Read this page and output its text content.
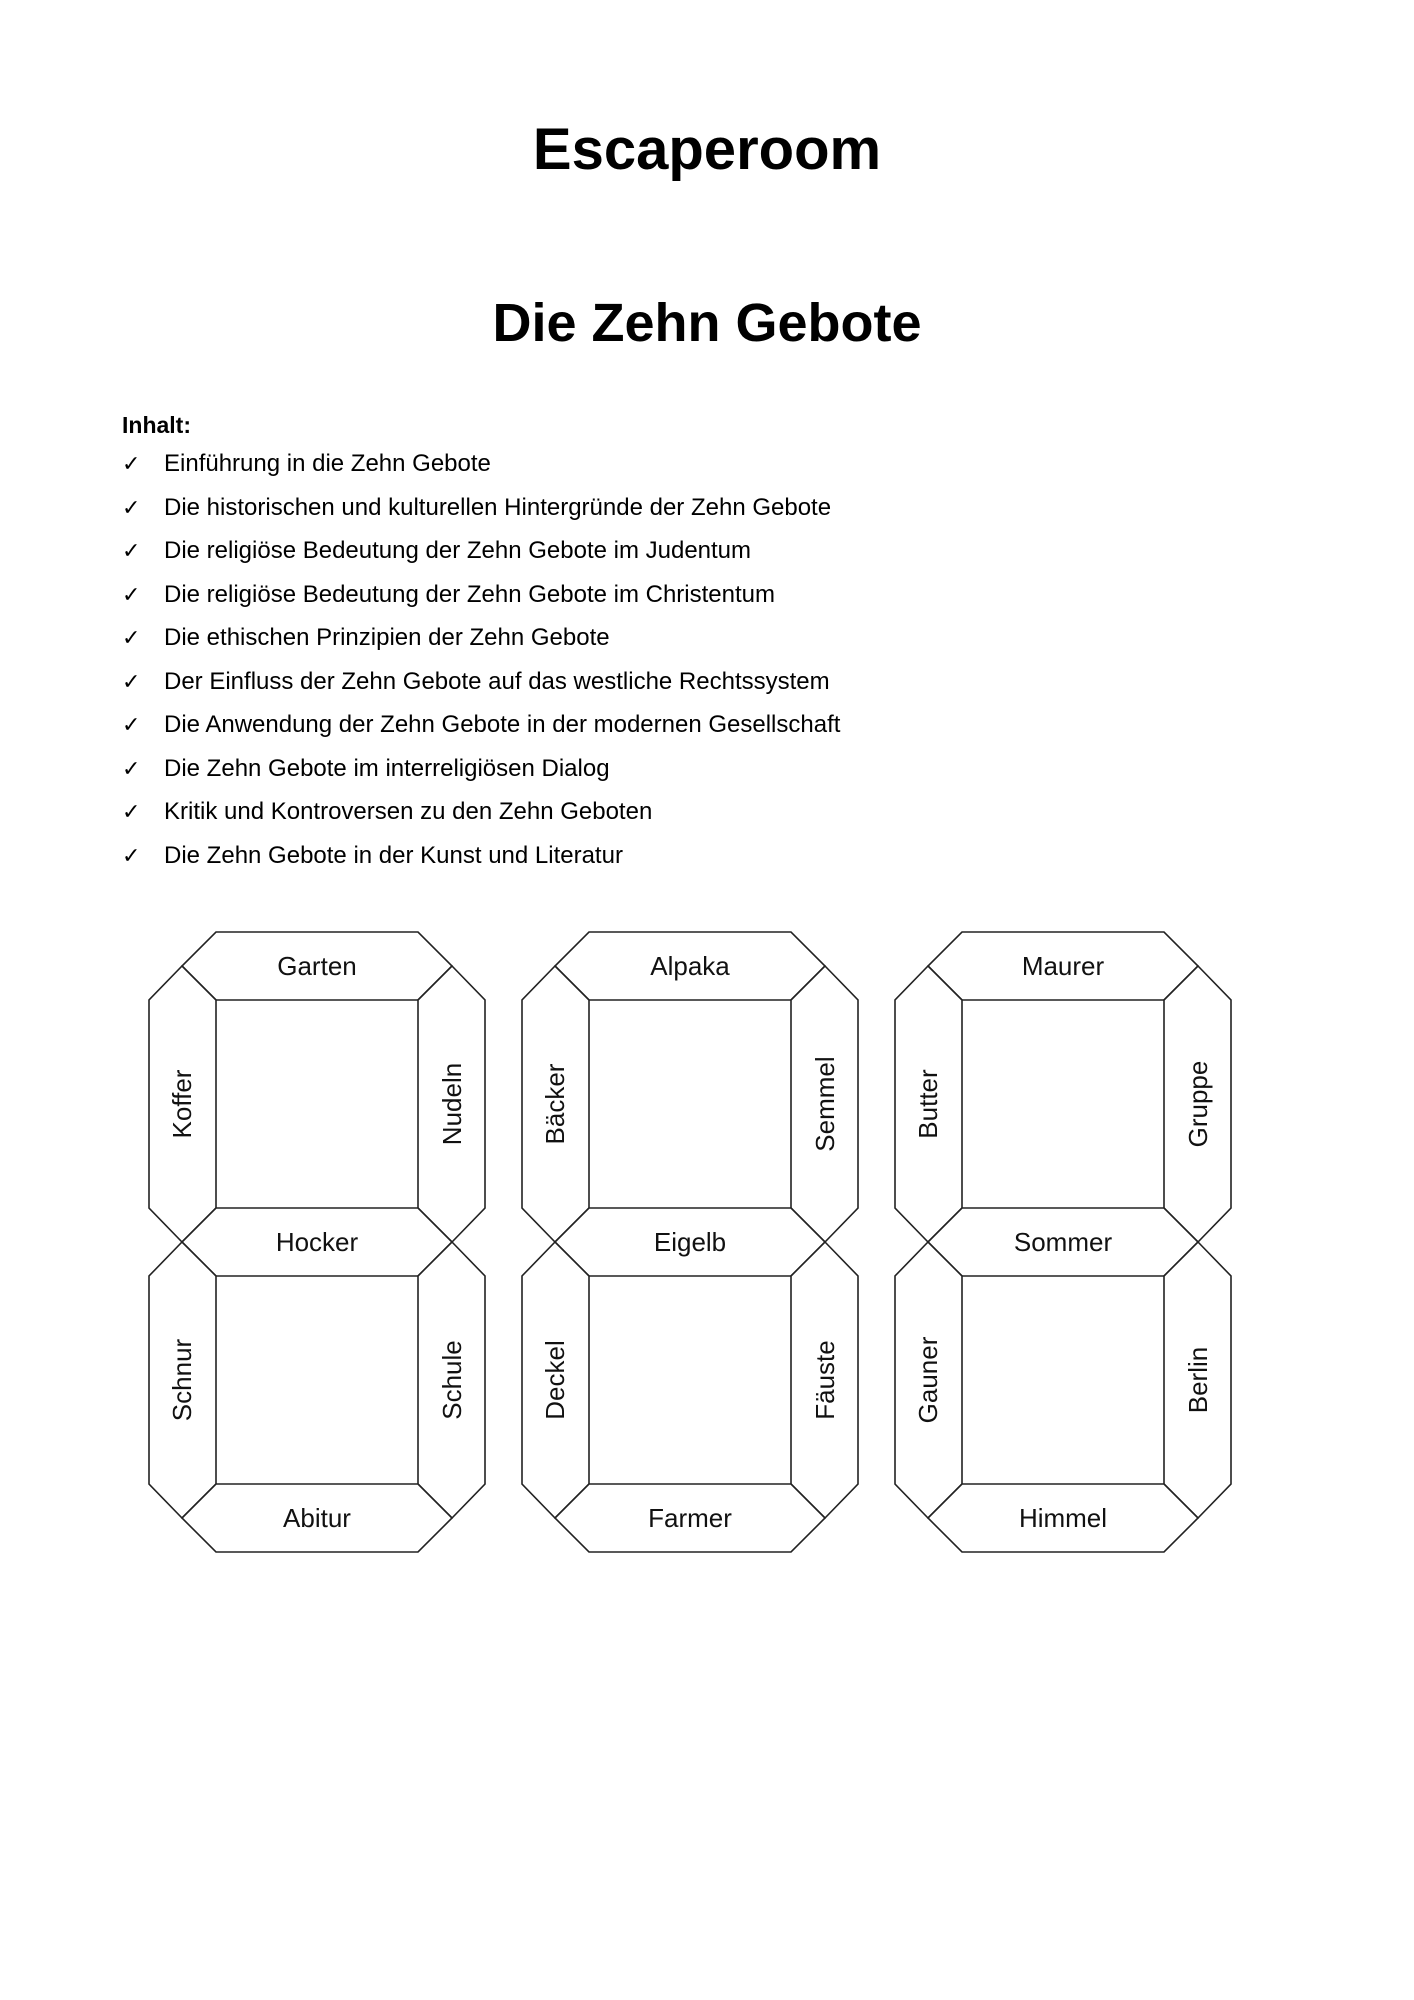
Escaperoom
Die Zehn Gebote
Inhalt:
✓ Einführung in die Zehn Gebote
✓ Die historischen und kulturellen Hintergründe der Zehn Gebote
✓ Die religiöse Bedeutung der Zehn Gebote im Judentum
✓ Die religiöse Bedeutung der Zehn Gebote im Christentum
✓ Die ethischen Prinzipien der Zehn Gebote
✓ Der Einfluss der Zehn Gebote auf das westliche Rechtssystem
✓ Die Anwendung der Zehn Gebote in der modernen Gesellschaft
✓ Die Zehn Gebote im interreligiösen Dialog
✓ Kritik und Kontroversen zu den Zehn Geboten
✓ Die Zehn Gebote in der Kunst und Literatur
Garten
Koffer	Nudeln
Hocker
Schnur	Schule
Abitur
Alpaka
Bäcker	Semmel
Eigelb
Deckel	Fäuste
Farmer
Maurer
Butter	Gruppe
Sommer
Gauner	Berlin
Himmel
